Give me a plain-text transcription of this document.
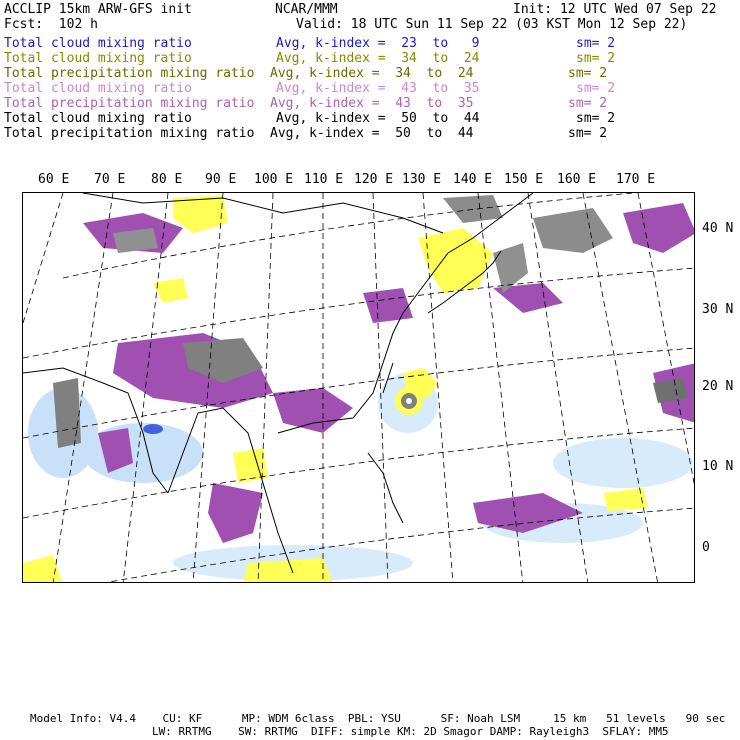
ACCLIP 15km ARW-GFS init	NCAR/MMM	Init: 12 UTC Wed 07 Sep 22
Fcst:  102 h	Valid: 18 UTC Sun 11 Sep 22 (03 KST Mon 12 Sep 22)
Total cloud mixing ratio	Avg, k-index =  23  to   9	sm= 2
Total cloud mixing ratio	Avg, k-index =  34  to  24	sm= 2
Total precipitation mixing ratio Avg, k-index =  34  to  24	sm= 2
Total cloud mixing ratio	Avg, k-index =  43  to  35	sm= 2
Total precipitation mixing ratio Avg, k-index =  43  to  35	sm= 2
Total cloud mixing ratio	Avg, k-index =  50  to  44	sm= 2
Total precipitation mixing ratio Avg, k-index =  50  to  44	sm= 2
60 E 70 E 80 E 90 E 100 E 110 E 120 E 130 E 140 E 150 E 160 E 170 E
40 N
30 N
20 N
10 N
0
Model Info: V4.4    CU: KF      MP: WDM 6class  PBL: YSU      SF: Noah LSM     15 km   51 levels   90 sec
LW: RRTMG    SW: RRTMG  DIFF: simple KM: 2D Smagor DAMP: Rayleigh3  SFLAY: MM5
